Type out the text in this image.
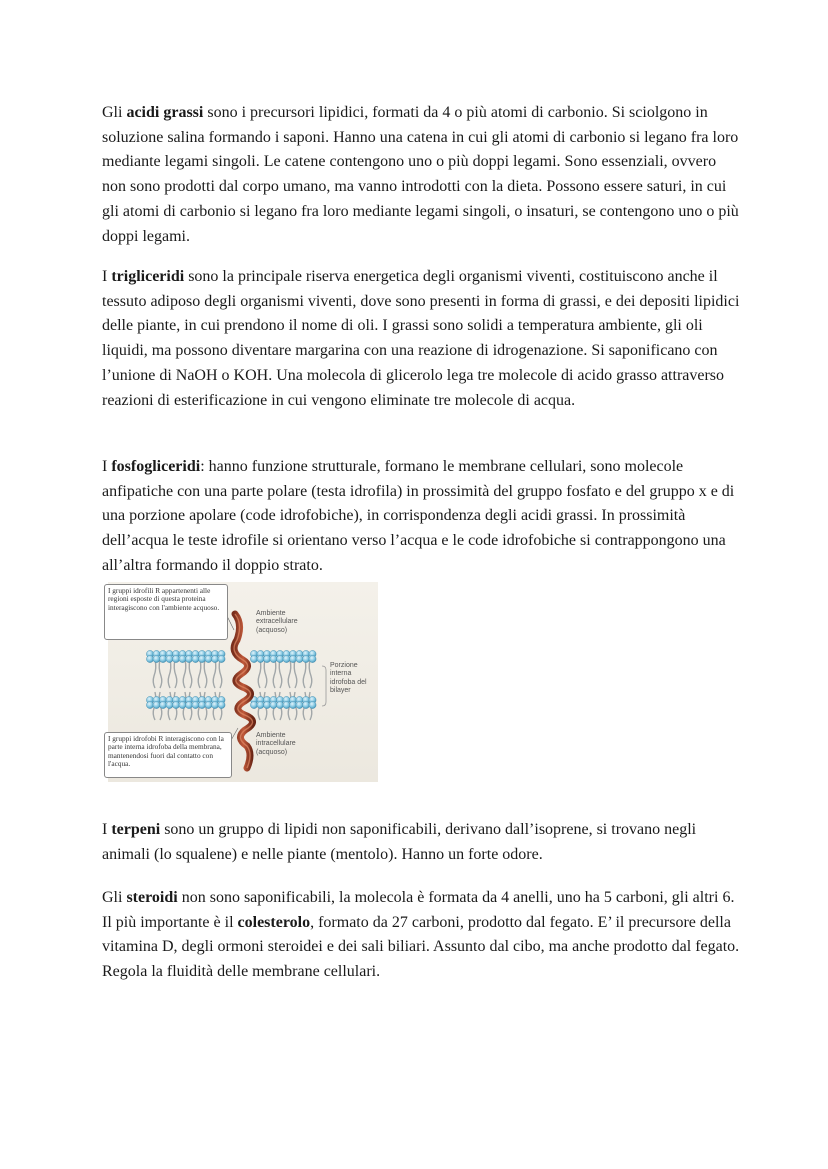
Gli acidi grassi sono i precursori lipidici, formati da 4 o più atomi di carbonio. Si sciolgono in soluzione salina formando i saponi. Hanno una catena in cui gli atomi di carbonio si legano fra loro mediante legami singoli. Le catene contengono uno o più doppi legami. Sono essenziali, ovvero non sono prodotti dal corpo umano, ma vanno introdotti con la dieta. Possono essere saturi, in cui gli atomi di carbonio si legano fra loro mediante legami singoli, o insaturi, se contengono uno o più doppi legami.

I trigliceridi sono la principale riserva energetica degli organismi viventi, costituiscono anche il tessuto adiposo degli organismi viventi, dove sono presenti in forma di grassi, e dei depositi lipidici delle piante, in cui prendono il nome di oli. I grassi sono solidi a temperatura ambiente, gli oli liquidi, ma possono diventare margarina con una reazione di idrogenazione. Si saponificano con l’unione di NaOH o KOH. Una molecola di glicerolo lega tre molecole di acido grasso attraverso reazioni di esterificazione in cui vengono eliminate tre molecole di acqua.

I fosfogliceridi: hanno funzione strutturale, formano le membrane cellulari, sono molecole anfipatiche con una parte polare (testa idrofila) in prossimità del gruppo fosfato e del gruppo x e di una porzione apolare (code idrofobiche), in corrispondenza degli acidi grassi. In prossimità dell’acqua le teste idrofile si orientano verso l’acqua e le code idrofobiche si contrappongono una all’altra formando il doppio strato.

I gruppi idrofili R appartenenti alle regioni esposte di questa proteina interagiscono con l'ambiente acquoso.
I gruppi idrofobi R interagiscono con la parte interna idrofoba della membrana, mantenendosi fuori dal contatto con l'acqua.
Ambiente extracellulare (acquoso)
Porzione interna idrofoba del bilayer
Ambiente intracellulare (acquoso)

I terpeni sono un gruppo di lipidi non saponificabili, derivano dall’isoprene, si trovano negli animali (lo squalene) e nelle piante (mentolo). Hanno un forte odore.

Gli steroidi non sono saponificabili, la molecola è formata da 4 anelli, uno ha 5 carboni, gli altri 6. Il più importante è il colesterolo, formato da 27 carboni, prodotto dal fegato. E’ il precursore della vitamina D, degli ormoni steroidei e dei sali biliari. Assunto dal cibo, ma anche prodotto dal fegato. Regola la fluidità delle membrane cellulari.
